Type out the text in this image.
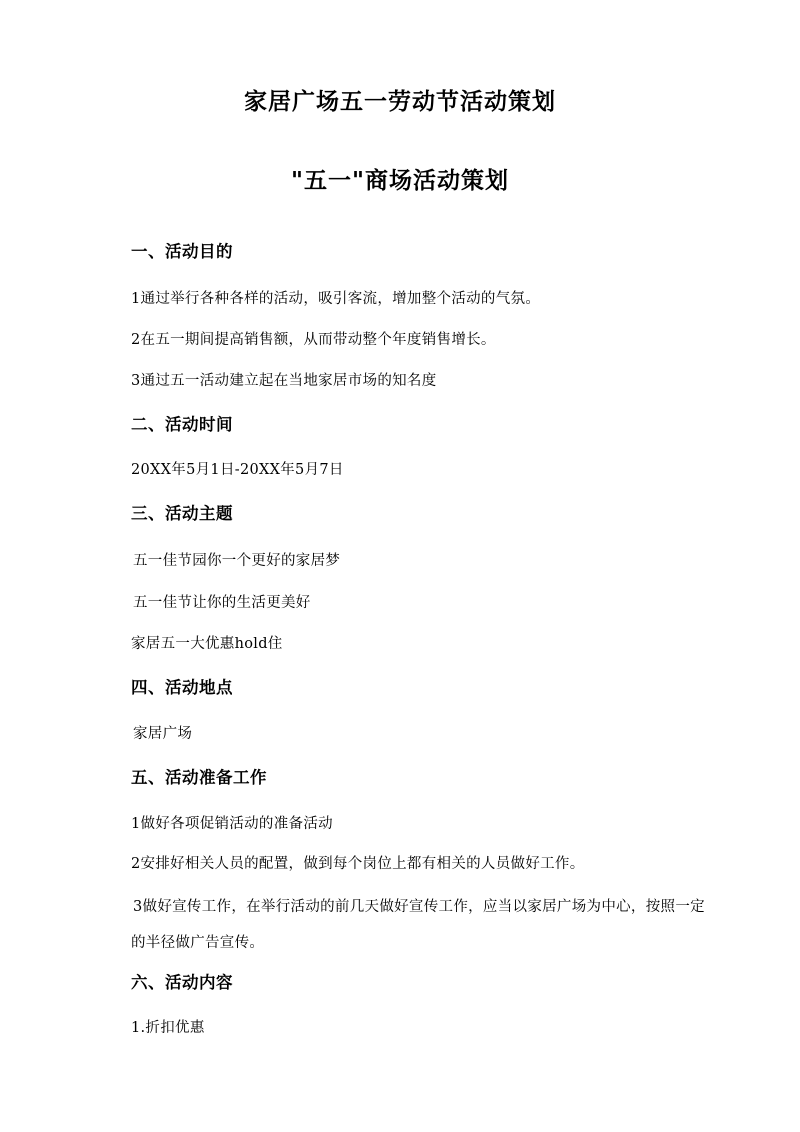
家居广场五一劳动节活动策划
"五一"商场活动策划
一、活动目的

1通过举行各种各样的活动，吸引客流，增加整个活动的气氛。

2在五一期间提高销售额，从而带动整个年度销售增长。

3通过五一活动建立起在当地家居市场的知名度

二、活动时间

20XX年5月1日-20XX年5月7日

三、活动主题

五一佳节园你一个更好的家居梦

五一佳节让你的生活更美好

家居五一大优惠hold住

四、活动地点

家居广场

五、活动准备工作

1做好各项促销活动的准备活动

2安排好相关人员的配置，做到每个岗位上都有相关的人员做好工作。

3做好宣传工作，在举行活动的前几天做好宣传工作，应当以家居广场为中心，按照一定的半径做广告宣传。

六、活动内容

1.折扣优惠
